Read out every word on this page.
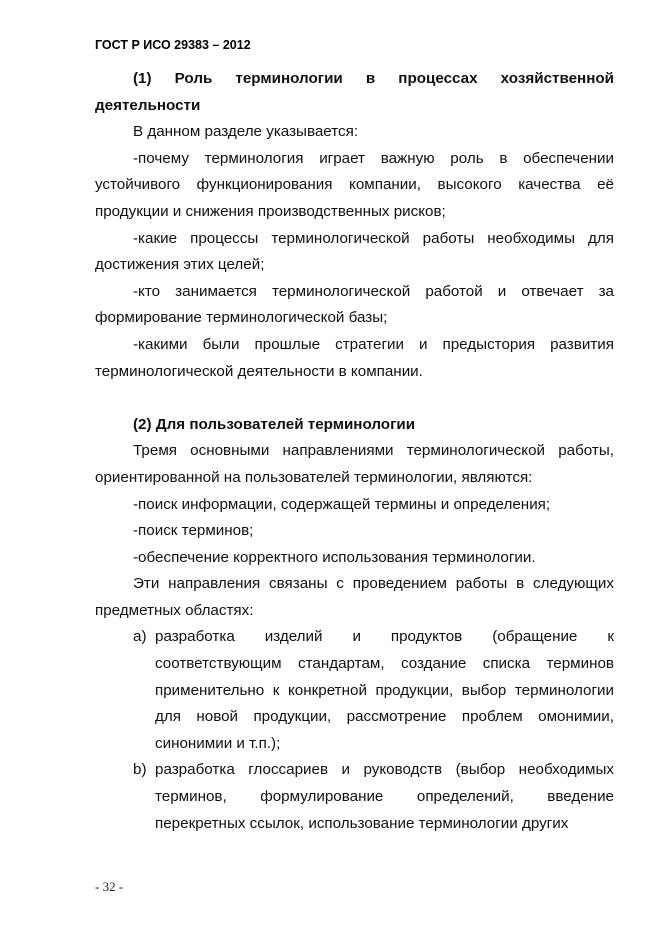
ГОСТ Р ИСО 29383 – 2012

(1) Роль терминологии в процессах хозяйственной деятельности

В данном разделе указывается:

-почему терминология играет важную роль в обеспечении устойчивого функционирования компании, высокого качества её продукции и снижения производственных рисков;

-какие процессы терминологической работы необходимы для достижения этих целей;

-кто занимается терминологической работой и отвечает за формирование терминологической базы;

-какими были прошлые стратегии и предыстория развития терминологической деятельности в компании.

(2) Для пользователей терминологии

Тремя основными направлениями терминологической работы, ориентированной на пользователей терминологии, являются:

-поиск информации, содержащей термины и определения;

-поиск терминов;

-обеспечение корректного использования терминологии.

Эти направления связаны с проведением работы в следующих предметных областях:

a) разработка изделий и продуктов (обращение к соответствующим стандартам, создание списка терминов применительно к конкретной продукции, выбор терминологии для новой продукции, рассмотрение проблем омонимии, синонимии и т.п.);
b) разработка глоссариев и руководств (выбор необходимых терминов, формулирование определений, введение перекретных ссылок, использование терминологии других
- 32 -
